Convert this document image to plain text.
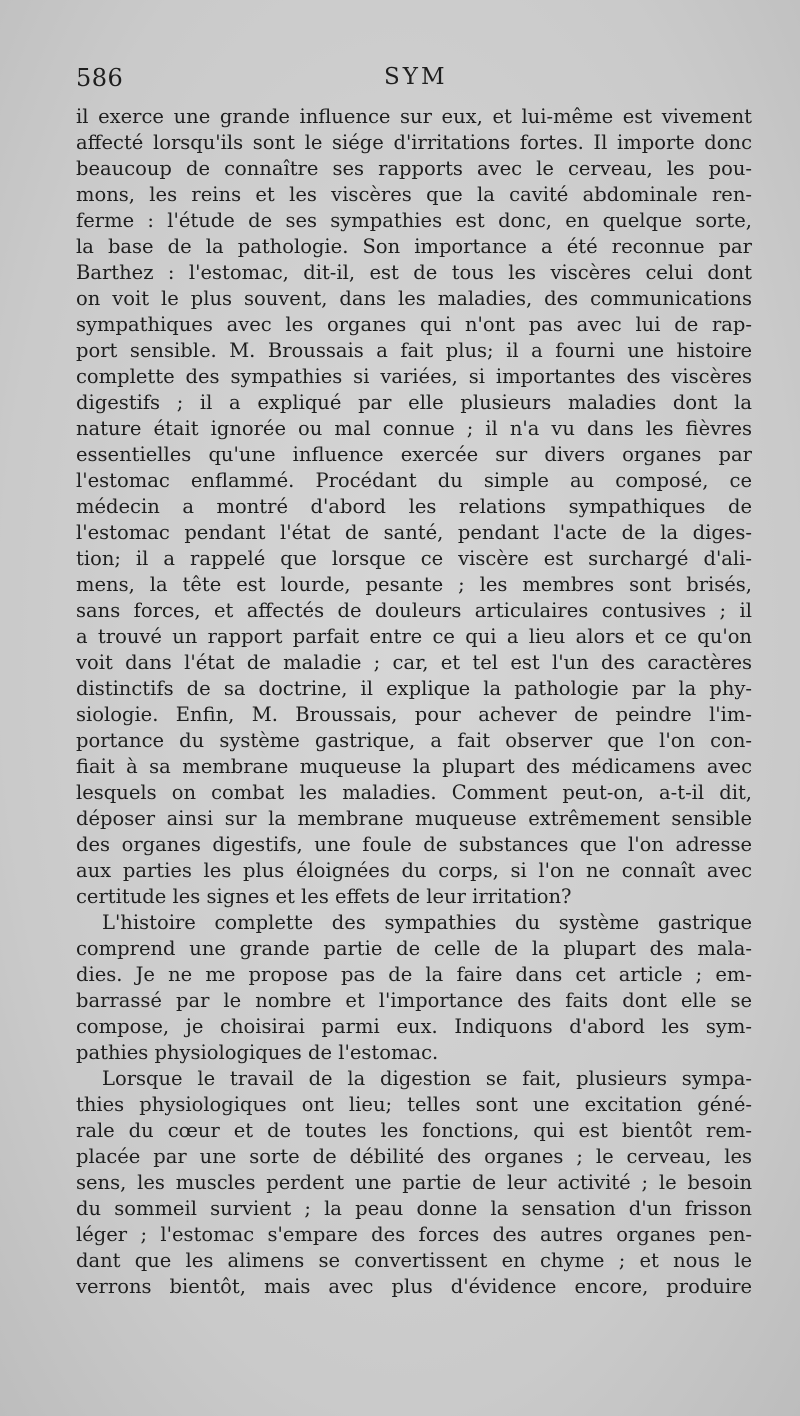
586	SYM
il exerce une grande influence sur eux, et lui-même est vivement
affecté lorsqu'ils sont le siége d'irritations fortes. Il importe donc
beaucoup de connaître ses rapports avec le cerveau, les pou-
mons, les reins et les viscères que la cavité abdominale ren-
ferme : l'étude de ses sympathies est donc, en quelque sorte,
la base de la pathologie. Son importance a été reconnue par
Barthez : l'estomac, dit-il, est de tous les viscères celui dont
on voit le plus souvent, dans les maladies, des communications
sympathiques avec les organes qui n'ont pas avec lui de rap-
port sensible. M. Broussais a fait plus; il a fourni une histoire
complette des sympathies si variées, si importantes des viscères
digestifs ; il a expliqué par elle plusieurs maladies dont la
nature était ignorée ou mal connue ; il n'a vu dans les fièvres
essentielles qu'une influence exercée sur divers organes par
l'estomac enflammé. Procédant du simple au composé, ce
médecin a montré d'abord les relations sympathiques de
l'estomac pendant l'état de santé, pendant l'acte de la diges-
tion; il a rappelé que lorsque ce viscère est surchargé d'ali-
mens, la tête est lourde, pesante ; les membres sont brisés,
sans forces, et affectés de douleurs articulaires contusives ; il
a trouvé un rapport parfait entre ce qui a lieu alors et ce qu'on
voit dans l'état de maladie ; car, et tel est l'un des caractères
distinctifs de sa doctrine, il explique la pathologie par la phy-
siologie. Enfin, M. Broussais, pour achever de peindre l'im-
portance du système gastrique, a fait observer que l'on con-
fiait à sa membrane muqueuse la plupart des médicamens avec
lesquels on combat les maladies. Comment peut-on, a-t-il dit,
déposer ainsi sur la membrane muqueuse extrêmement sensible
des organes digestifs, une foule de substances que l'on adresse
aux parties les plus éloignées du corps, si l'on ne connaît avec
certitude les signes et les effets de leur irritation?
L'histoire complette des sympathies du système gastrique
comprend une grande partie de celle de la plupart des mala-
dies. Je ne me propose pas de la faire dans cet article ; em-
barrassé par le nombre et l'importance des faits dont elle se
compose, je choisirai parmi eux. Indiquons d'abord les sym-
pathies physiologiques de l'estomac.
Lorsque le travail de la digestion se fait, plusieurs sympa-
thies physiologiques ont lieu; telles sont une excitation géné-
rale du cœur et de toutes les fonctions, qui est bientôt rem-
placée par une sorte de débilité des organes ; le cerveau, les
sens, les muscles perdent une partie de leur activité ; le besoin
du sommeil survient ; la peau donne la sensation d'un frisson
léger ; l'estomac s'empare des forces des autres organes pen-
dant que les alimens se convertissent en chyme ; et nous le
verrons bientôt, mais avec plus d'évidence encore, produire
